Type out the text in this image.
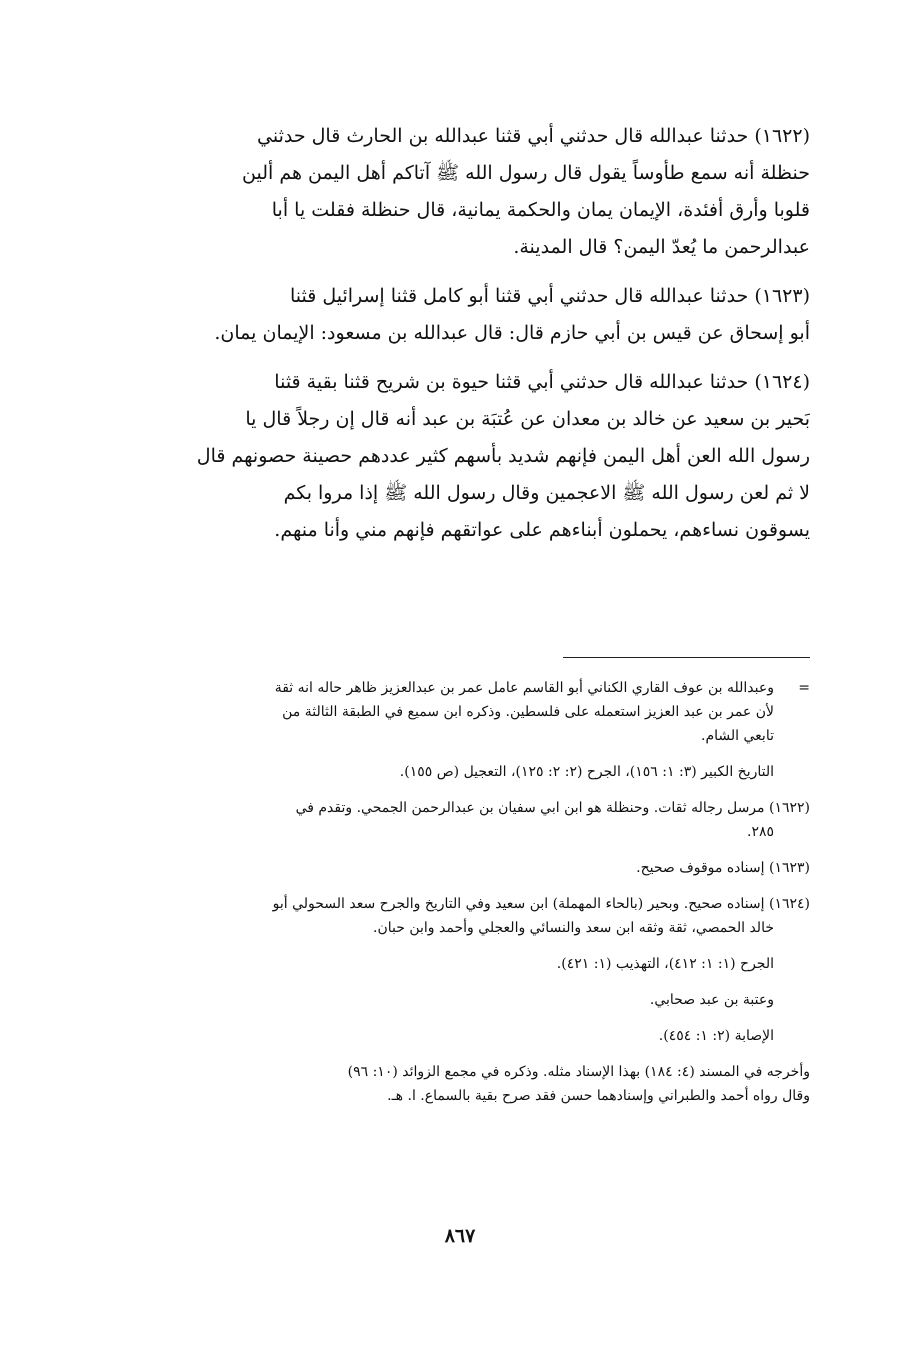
(١٦٢٢) حدثنا عبدالله قال حدثني أبي قثنا عبدالله بن الحارث قال حدثني
حنظلة أنه سمع طأوساً يقول قال رسول الله ﷺ آتاكم أهل اليمن هم ألين
قلوبا وأرق أفئدة، الإيمان يمان والحكمة يمانية، قال حنظلة فقلت يا أبا
عبدالرحمن ما يُعدّ اليمن؟ قال المدينة.
(١٦٢٣) حدثنا عبدالله قال حدثني أبي قثنا أبو كامل قثنا إسرائيل قثنا
أبو إسحاق عن قيس بن أبي حازم قال: قال عبدالله بن مسعود: الإيمان يمان.
(١٦٢٤) حدثنا عبدالله قال حدثني أبي قثنا حيوة بن شريح قثنا بقية قثنا
بَحير بن سعيد عن خالد بن معدان عن عُتبَة بن عبد أنه قال إن رجلاً قال يا
رسول الله العن أهل اليمن فإنهم شديد بأسهم كثير عددهم حصينة حصونهم قال
لا ثم لعن رسول الله ﷺ الاعجمين وقال رسول الله ﷺ إذا مروا بكم
يسوقون نساءهم، يحملون أبناءهم على عواتقهم فإنهم مني وأنا منهم.
=
وعبدالله بن عوف القاري الكناني أبو القاسم عامل عمر بن عبدالعزيز ظاهر حاله انه ثقة
لأن عمر بن عبد العزيز استعمله على فلسطين. وذكره ابن سميع في الطبقة الثالثة من
تابعي الشام.
التاريخ الكبير (٣: ١: ١٥٦)، الجرح (٢: ٢: ١٢٥)، التعجيل (ص ١٥٥).
(١٦٢٢) مرسل رجاله ثقات. وحنظلة هو ابن ابي سفيان بن عبدالرحمن الجمحي. وتقدم في
٢٨٥.
(١٦٢٣) إسناده موقوف صحيح.
(١٦٢٤) إسناده صحيح. وبحير (بالحاء المهملة) ابن سعيد وفي التاريخ والجرح سعد السحولي أبو
خالد الحمصي، ثقة وثقه ابن سعد والنسائي والعجلي وأحمد وابن حبان.
الجرح (١: ١: ٤١٢)، التهذيب (١: ٤٢١).
وعتبة بن عبد صحابي.
الإصابة (٢: ١: ٤٥٤).
وأخرجه في المسند (٤: ١٨٤) بهذا الإسناد مثله. وذكره في مجمع الزوائد (١٠: ٩٦)
وقال رواه أحمد والطبراني وإسنادهما حسن فقد صرح بقية بالسماع. ا. هـ.
٨٦٧
